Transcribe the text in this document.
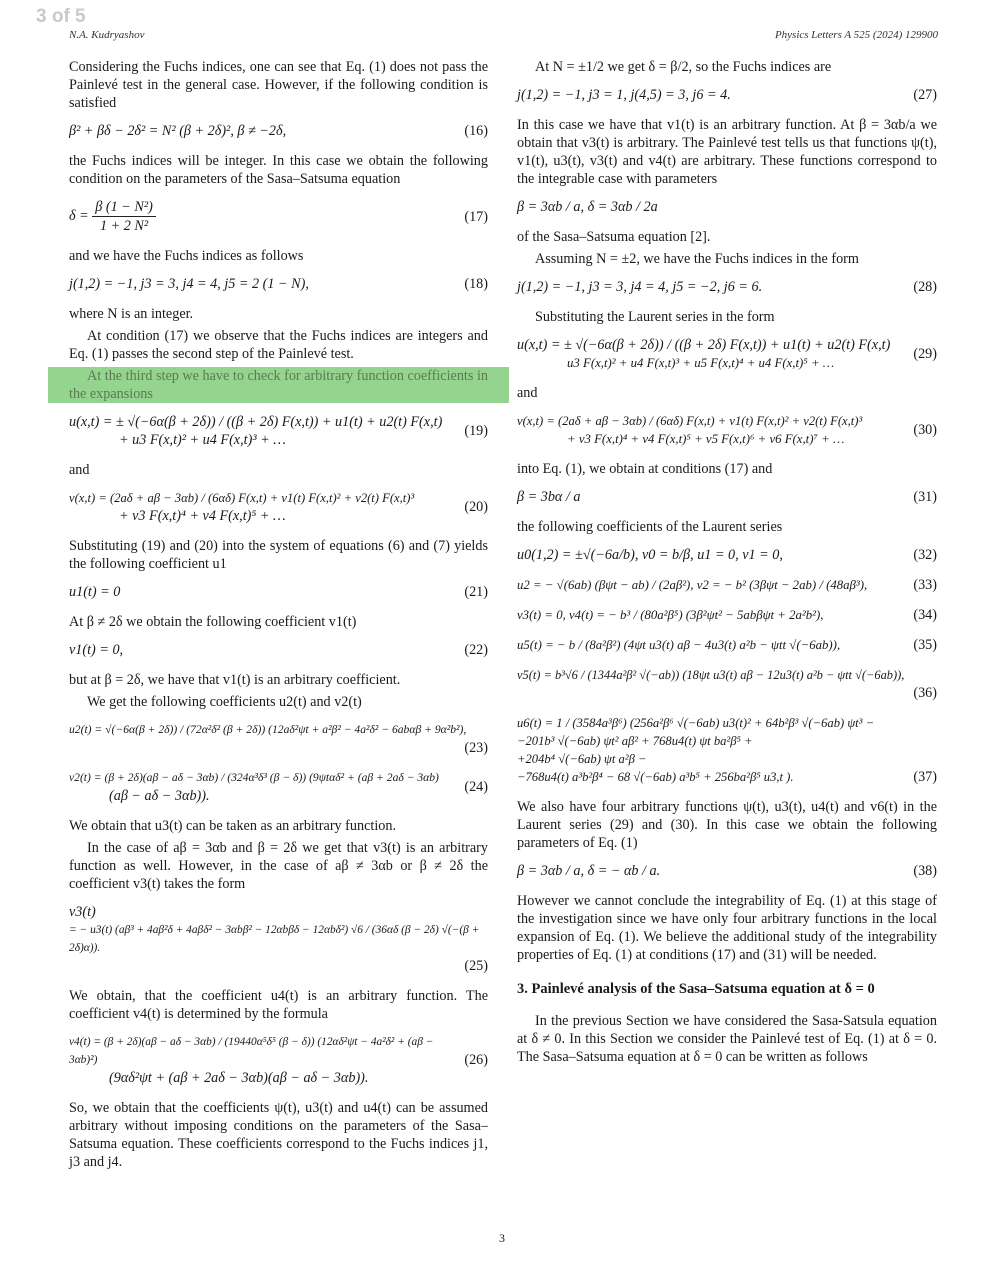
3 of 5
N.A. Kudryashov	Physics Letters A 525 (2024) 129900

Considering the Fuchs indices, one can see that Eq. (1) does not pass the Painlevé test in the general case. However, if the following condition is satisfied

β² + βδ − 2δ² = N² (β + 2δ)², β ≠ −2δ,	(16)

the Fuchs indices will be integer. In this case we obtain the following condition on the parameters of the Sasa–Satsuma equation

$\delta = \frac{\text{β (1 − N²)}}{\text{1 + 2 N²}}$	(17)

and we have the Fuchs indices as follows

j(1,2) = −1, j3 = 3, j4 = 4, j5 = 2 (1 − N),	(18)

where N is an integer.

At condition (17) we observe that the Fuchs indices are integers and Eq. (1) passes the second step of the Painlevé test.

At the third step we have to check for arbitrary function coefficients in the expansions

u(x,t) = ± √(−6α(β + 2δ)) / ((β + 2δ) F(x,t)) + u1(t) + u2(t) F(x,t)
+ u3 F(x,t)² + u4 F(x,t)³ + …
(19)

and

v(x,t) = (2aδ + aβ − 3αb) / (6αδ) F(x,t) + v1(t) F(x,t)² + v2(t) F(x,t)³
+ v3 F(x,t)⁴ + v4 F(x,t)⁵ + …
(20)

Substituting (19) and (20) into the system of equations (6) and (7) yields the following coefficient u1

u1(t) = 0	(21)

At β ≠ 2δ we obtain the following coefficient v1(t)

v1(t) = 0,	(22)

but at β = 2δ, we have that v1(t) is an arbitrary coefficient.

We get the following coefficients u2(t) and v2(t)

u2(t) = √(−6α(β + 2δ)) / (72α²δ² (β + 2δ)) (12aδ²ψt + a²β² − 4a²δ² − 6abαβ + 9α²b²),
(23)
v2(t) = (β + 2δ)(aβ − aδ − 3αb) / (324α³δ³ (β − δ)) (9ψtαδ² + (aβ + 2aδ − 3αb)
(aβ − aδ − 3αb)).
(24)

We obtain that u3(t) can be taken as an arbitrary function.

In the case of aβ = 3αb and β = 2δ we get that v3(t) is an arbitrary function as well. However, in the case of aβ ≠ 3αb or β ≠ 2δ the coefficient v3(t) takes the form

v3(t)
= − u3(t) (aβ³ + 4aβ²δ + 4aβδ² − 3αbβ² − 12αbβδ − 12αbδ²) √6 / (36αδ (β − 2δ) √(−(β + 2δ)α)).
(25)

We obtain, that the coefficient u4(t) is an arbitrary function. The coefficient v4(t) is determined by the formula

v4(t) = (β + 2δ)(aβ − aδ − 3αb) / (19440α⁵δ⁵ (β − δ)) (12αδ²ψt − 4a²δ² + (aβ − 3αb)²)
(9αδ²ψt + (aβ + 2aδ − 3αb)(aβ − aδ − 3αb)).
(26)

So, we obtain that the coefficients ψ(t), u3(t) and u4(t) can be assumed arbitrary without imposing conditions on the parameters of the Sasa–Satsuma equation. These coefficients correspond to the Fuchs indices j1, j3 and j4.

At N = ±1/2 we get δ = β/2, so the Fuchs indices are

j(1,2) = −1, j3 = 1, j(4,5) = 3, j6 = 4.	(27)

In this case we have that v1(t) is an arbitrary function. At β = 3αb/a we obtain that v3(t) is arbitrary. The Painlevé test tells us that functions ψ(t), v1(t), u3(t), v3(t) and v4(t) are arbitrary. These functions correspond to the integrable case with parameters

β = 3αb / a, δ = 3αb / 2a

of the Sasa–Satsuma equation [2].

Assuming N = ±2, we have the Fuchs indices in the form

j(1,2) = −1, j3 = 3, j4 = 4, j5 = −2, j6 = 6.	(28)

Substituting the Laurent series in the form

u(x,t) = ± √(−6α(β + 2δ)) / ((β + 2δ) F(x,t)) + u1(t) + u2(t) F(x,t)
u3 F(x,t)² + u4 F(x,t)³ + u5 F(x,t)⁴ + u4 F(x,t)⁵ + …
(29)

and

v(x,t) = (2aδ + aβ − 3αb) / (6αδ) F(x,t) + v1(t) F(x,t)² + v2(t) F(x,t)³
+ v3 F(x,t)⁴ + v4 F(x,t)⁵ + v5 F(x,t)⁶ + v6 F(x,t)⁷ + …
(30)

into Eq. (1), we obtain at conditions (17) and

β = 3bα / a	(31)

the following coefficients of the Laurent series

u0(1,2) = ±√(−6a/b), v0 = b/β, u1 = 0, v1 = 0,	(32)
u2 = − √(6ab) (βψt − ab) / (2aβ²), v2 = − b² (3βψt − 2ab) / (48aβ³),	(33)
v3(t) = 0, v4(t) = − b³ / (80a²β⁵) (3β²ψt² − 5abβψt + 2a²b²),	(34)
u5(t) = − b / (8a²β²) (4ψt u3(t) aβ − 4u3(t) a²b − ψtt √(−6ab)),	(35)
v5(t) = b³√6 / (1344a²β² √(−ab)) (18ψt u3(t) aβ − 12u3(t) a²b − ψtt √(−6ab)),
(36)
u6(t) = 1 / (3584a³β⁶) (256a²β⁶ √(−6ab) u3(t)² + 64b²β³ √(−6ab) ψt³ −
−201b³ √(−6ab) ψt² aβ² + 768u4(t) ψt ba²β⁵ +
+204b⁴ √(−6ab) ψt a²β −
−768u4(t) a³b²β⁴ − 68 √(−6ab) a³b⁵ + 256ba²β⁵ u3,t ).	(37)

We also have four arbitrary functions ψ(t), u3(t), u4(t) and v6(t) in the Laurent series (29) and (30). In this case we obtain the following parameters of Eq. (1)

β = 3αb / a, δ = − αb / a.	(38)

However we cannot conclude the integrability of Eq. (1) at this stage of the investigation since we have only four arbitrary functions in the local expansion of Eq. (1). We believe the additional study of the integrability properties of Eq. (1) at conditions (17) and (31) will be needed.

3. Painlevé analysis of the Sasa–Satsuma equation at δ = 0

In the previous Section we have considered the Sasa-Satsula equation at δ ≠ 0. In this Section we consider the Painlevé test of Eq. (1) at δ = 0. The Sasa–Satsuma equation at δ = 0 can be written as follows

3
